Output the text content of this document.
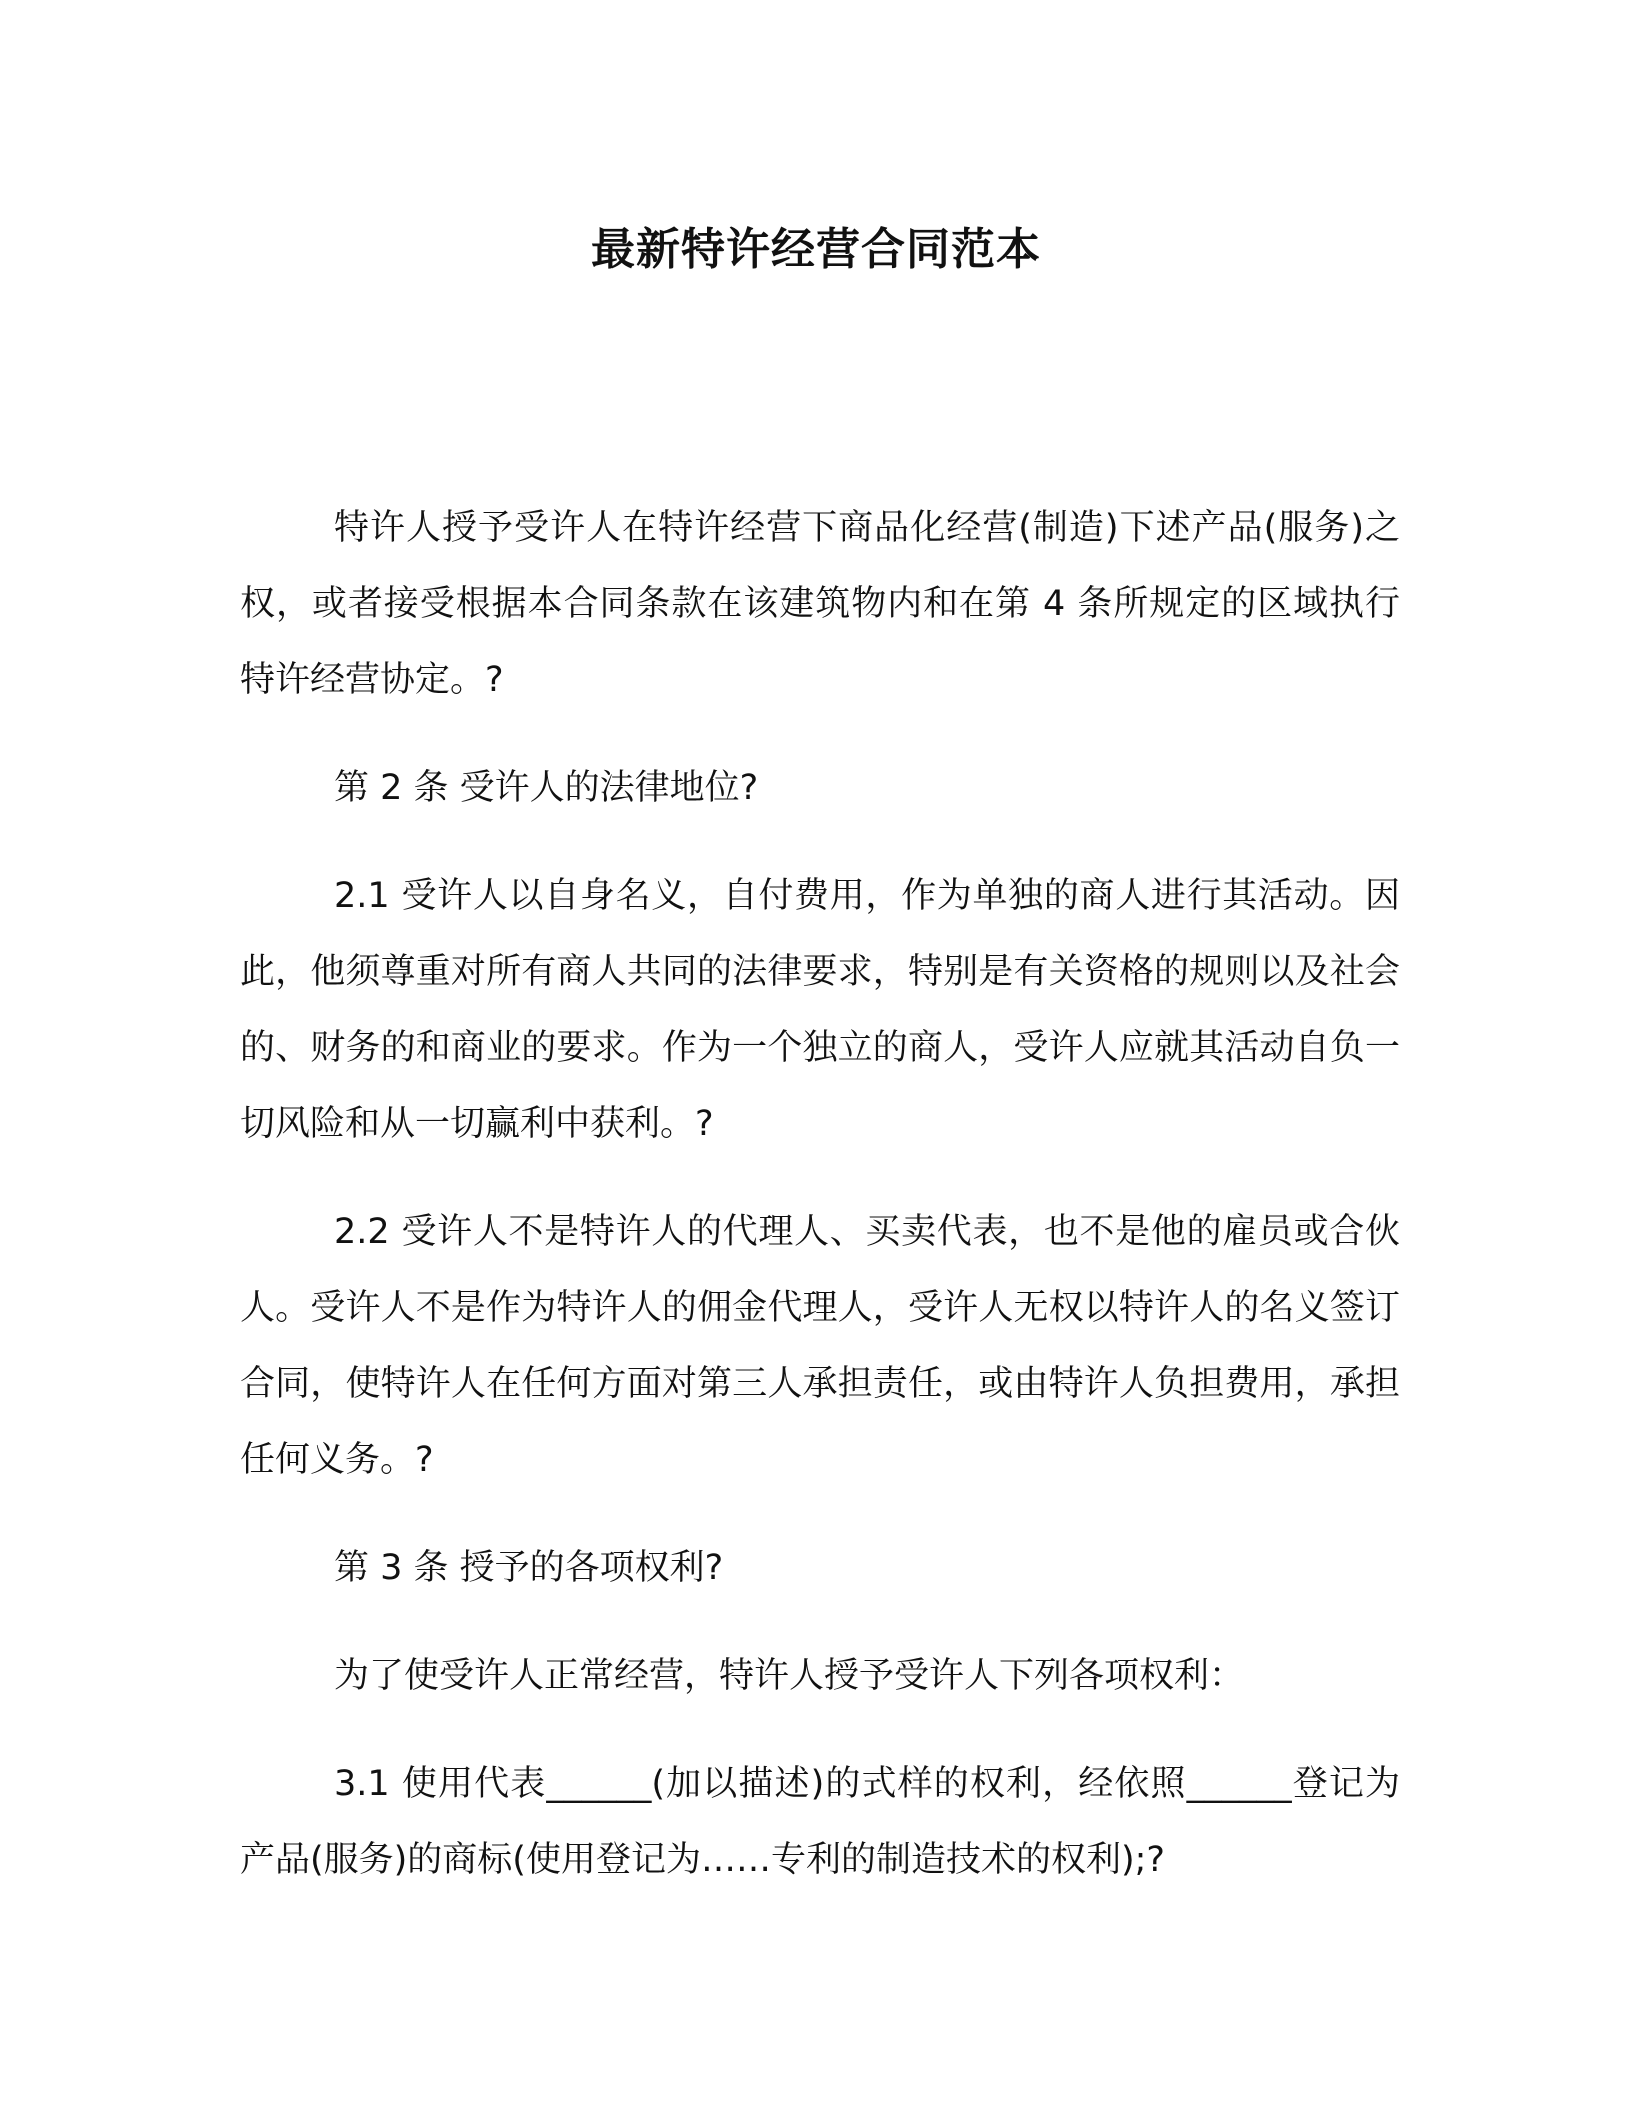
最新特许经营合同范本

特许人授予受许人在特许经营下商品化经营(制造)下述产品(服务)之权，或者接受根据本合同条款在该建筑物内和在第 4 条所规定的区域执行特许经营协定。?

第 2 条 受许人的法律地位?

2.1 受许人以自身名义，自付费用，作为单独的商人进行其活动。因此，他须尊重对所有商人共同的法律要求，特别是有关资格的规则以及社会的、财务的和商业的要求。作为一个独立的商人，受许人应就其活动自负一切风险和从一切赢利中获利。?

2.2 受许人不是特许人的代理人、买卖代表，也不是他的雇员或合伙人。受许人不是作为特许人的佣金代理人，受许人无权以特许人的名义签订合同，使特许人在任何方面对第三人承担责任，或由特许人负担费用，承担任何义务。?

第 3 条 授予的各项权利?

为了使受许人正常经营，特许人授予受许人下列各项权利：

3.1 使用代表______(加以描述)的式样的权利，经依照______登记为产品(服务)的商标(使用登记为……专利的制造技术的权利);?
